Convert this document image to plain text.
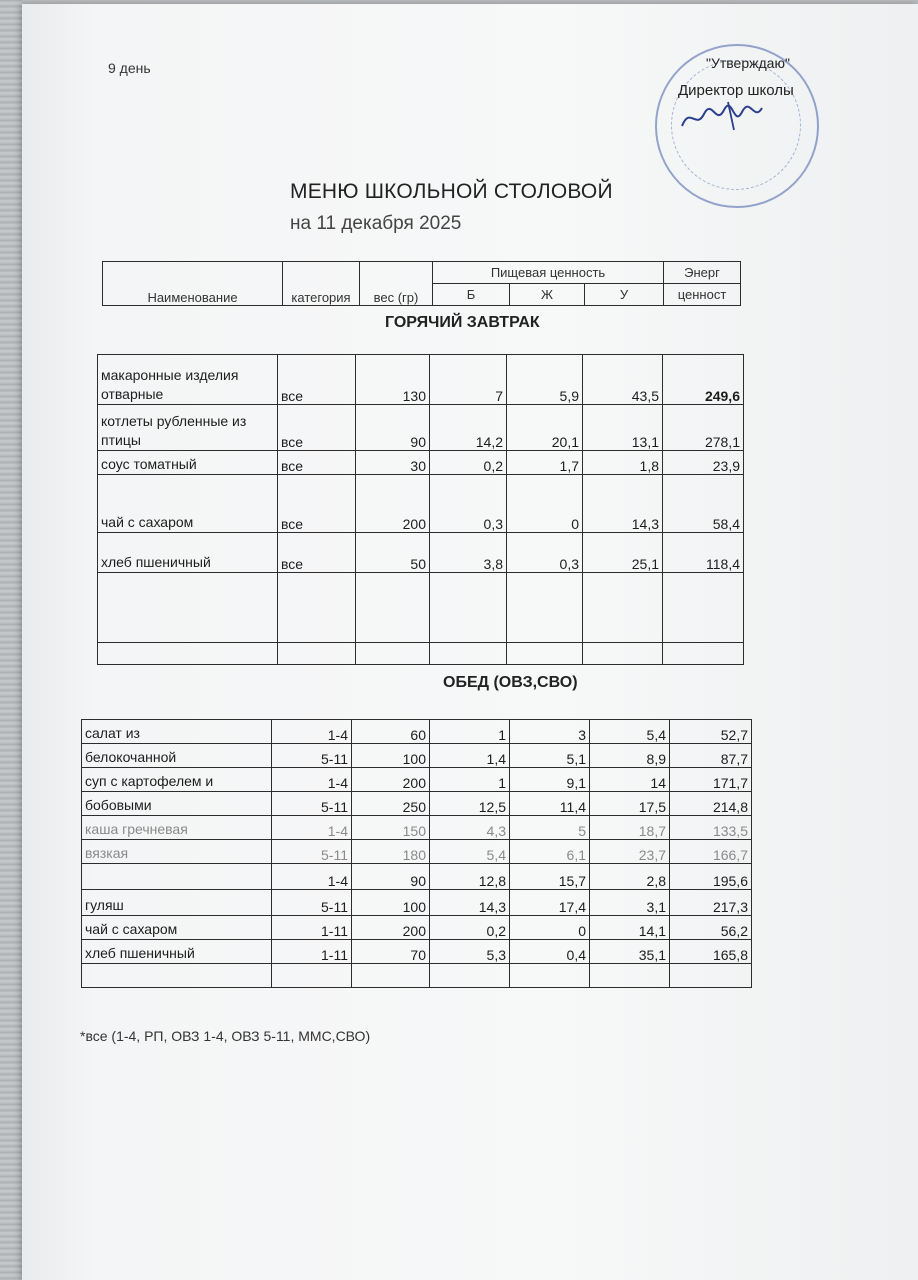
9 день	"Утверждаю"
Директор школы
МЕНЮ ШКОЛЬНОЙ СТОЛОВОЙ
на 11 декабря 2025
Наименование	категория	вес (гр)	Пищевая ценность			Энерг
			Б	Ж	У	ценност
ГОРЯЧИЙ ЗАВТРАК
макаронные изделия отварные	все	130	7	5,9	43,5	249,6
котлеты рубленные из птицы	все	90	14,2	20,1	13,1	278,1
соус томатный	все	30	0,2	1,7	1,8	23,9
чай с сахаром	все	200	0,3	0	14,3	58,4
хлеб пшеничный	все	50	3,8	0,3	25,1	118,4

ОБЕД (ОВЗ,СВО)
салат из	1-4	60	1	3	5,4	52,7
белокочанной	5-11	100	1,4	5,1	8,9	87,7
суп с картофелем и	1-4	200	1	9,1	14	171,7
бобовыми	5-11	250	12,5	11,4	17,5	214,8
каша гречневая	1-4	150	4,3	5	18,7	133,5
вязкая	5-11	180	5,4	6,1	23,7	166,7
	1-4	90	12,8	15,7	2,8	195,6
гуляш	5-11	100	14,3	17,4	3,1	217,3
чай с сахаром	1-11	200	0,2	0	14,1	56,2
хлеб пшеничный	1-11	70	5,3	0,4	35,1	165,8

*все (1-4, РП, ОВЗ 1-4, ОВЗ 5-11, ММС,СВО)
